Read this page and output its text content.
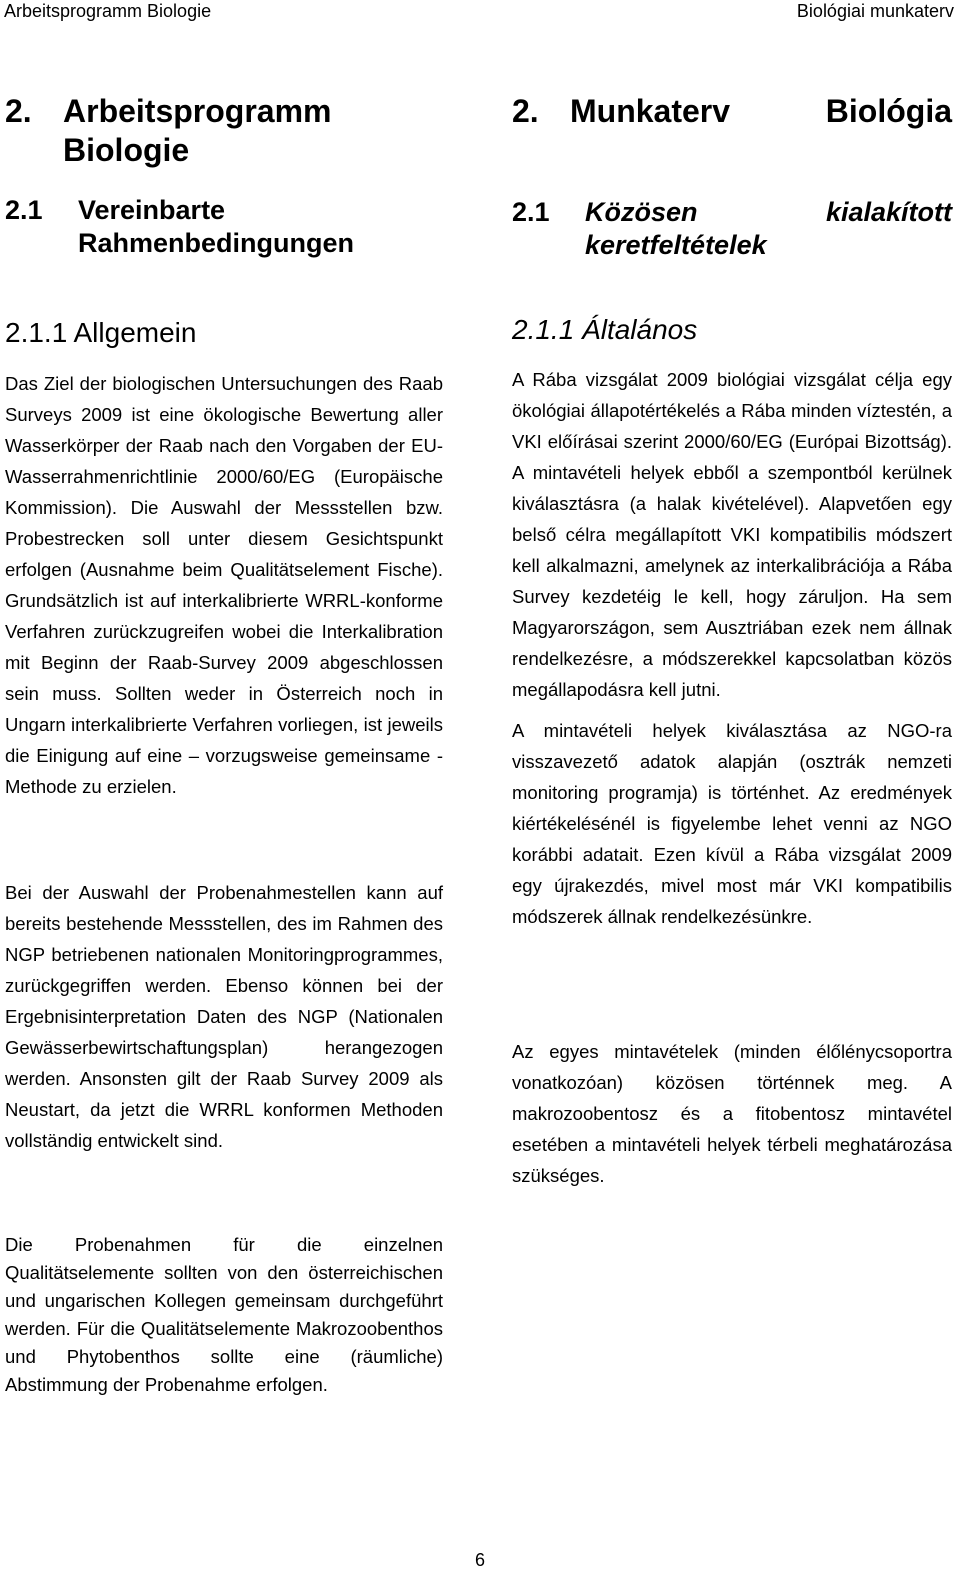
Arbeitsprogramm Biologie	Biológiai munkaterv
2. Arbeitsprogramm
Biologie
2.1	Vereinbarte
Rahmenbedingungen
2.1.1 Allgemein

Das Ziel der biologischen Untersuchungen des Raab Surveys 2009 ist eine ökologische Bewertung aller Wasserkörper der Raab nach den Vorgaben der EU-Wasserrahmenrichtlinie 2000/60/EG (Europäische Kommission). Die Auswahl der Messstellen bzw. Probestrecken soll unter diesem Gesichtspunkt erfolgen (Ausnahme beim Qualitätselement Fische). Grundsätzlich ist auf interkalibrierte WRRL-konforme Verfahren zurückzugreifen wobei die Interkalibration mit Beginn der Raab-Survey 2009 abgeschlossen sein muss. Sollten weder in Österreich noch in Ungarn interkalibrierte Verfahren vorliegen, ist jeweils die Einigung auf eine – vorzugsweise gemeinsame - Methode zu erzielen.

Bei der Auswahl der Probenahmestellen kann auf bereits bestehende Messstellen, des im Rahmen des NGP betriebenen nationalen Monitoringprogrammes, zurückgegriffen werden. Ebenso können bei der Ergebnisinterpretation Daten des NGP (Nationalen Gewässerbewirtschaftungsplan) herangezogen werden. Ansonsten gilt der Raab Survey 2009 als Neustart, da jetzt die WRRL konformen Methoden vollständig entwickelt sind.

Die Probenahmen für die einzelnen Qualitätselemente sollten von den österreichischen und ungarischen Kollegen gemeinsam durchgeführt werden. Für die Qualitätselemente Makrozoobenthos und Phytobenthos sollte eine (räumliche) Abstimmung der Probenahme erfolgen.

2. Munkaterv	Biológia
2.1	Közösen	kialakított
keretfeltételek
2.1.1 Általános

A Rába vizsgálat 2009 biológiai vizsgálat célja egy ökológiai állapotértékelés a Rába minden víztestén, a VKI előírásai szerint 2000/60/EG (Európai Bizottság). A mintavételi helyek ebből a szempontból kerülnek kiválasztásra (a halak kivételével). Alapvetően egy belső célra megállapított VKI kompatibilis módszert kell alkalmazni, amelynek az interkalibrációja a Rába Survey kezdetéig le kell, hogy záruljon. Ha sem Magyarországon, sem Ausztriában ezek nem állnak rendelkezésre, a módszerekkel kapcsolatban közös megállapodásra kell jutni.

A mintavételi helyek kiválasztása az NGO-ra visszavezető adatok alapján (osztrák nemzeti monitoring programja) is történhet. Az eredmények kiértékelésénél is figyelembe lehet venni az NGO korábbi adatait. Ezen kívül a Rába vizsgálat 2009 egy újrakezdés, mivel most már VKI kompatibilis módszerek állnak rendelkezésünkre.

Az egyes mintavételek (minden élőlénycsoportra vonatkozóan) közösen történnek meg. A makrozoobentosz és a fitobentosz mintavétel esetében a mintavételi helyek térbeli meghatározása szükséges.

6
